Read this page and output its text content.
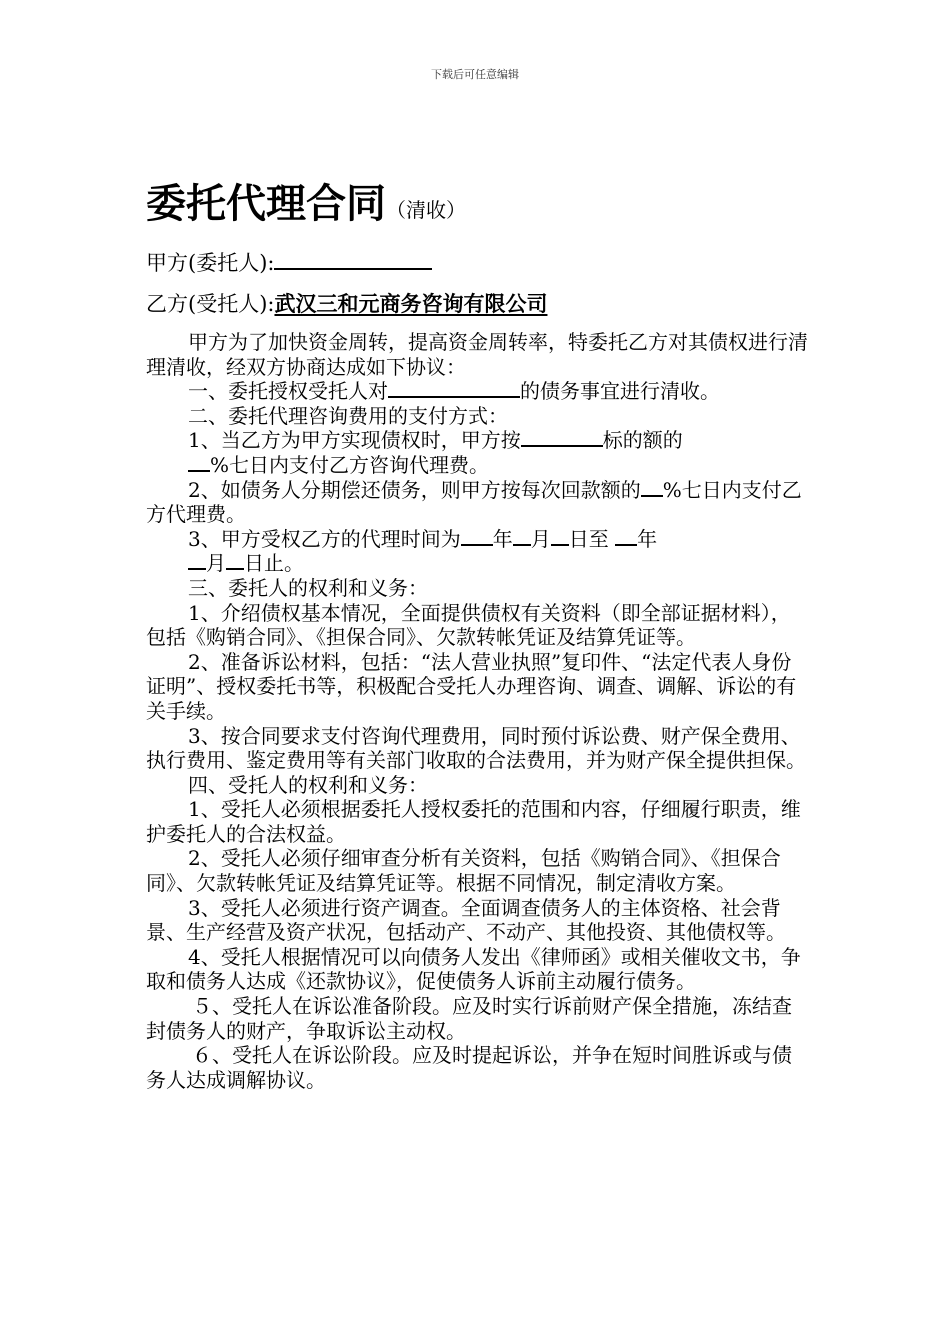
下载后可任意编辑
委托代理合同（清收）
甲方(委托人):
乙方(受托人):武汉三和元商务咨询有限公司

甲方为了加快资金周转，提高资金周转率，特委托乙方对其债权进行清理清收，经双方协商达成如下协议：

一、委托授权受托人对	的债务事宜进行清收。

二、委托代理咨询费用的支付方式：

1、当乙方为甲方实现债权时，甲方按	标的额的
%七日内支付乙方咨询代理费。

2、如债务人分期偿还债务，则甲方按每次回款额的 %七日内支付乙方代理费。

3、甲方受权乙方的代理时间为 年 月 日至 年
月 日止。

三、委托人的权利和义务：

1、介绍债权基本情况，全面提供债权有关资料（即全部证据材料），包括《购销合同》、《担保合同》、欠款转帐凭证及结算凭证等。

2、准备诉讼材料，包括：“法人营业执照”复印件、“法定代表人身份证明”、授权委托书等，积极配合受托人办理咨询、调查、调解、诉讼的有关手续。

3、按合同要求支付咨询代理费用，同时预付诉讼费、财产保全费用、执行费用、鉴定费用等有关部门收取的合法费用，并为财产保全提供担保。

四、受托人的权利和义务：

1、受托人必须根据委托人授权委托的范围和内容，仔细履行职责，维护委托人的合法权益。

2、受托人必须仔细审查分析有关资料，包括《购销合同》、《担保合同》、欠款转帐凭证及结算凭证等。根据不同情况，制定清收方案。

3、受托人必须进行资产调查。全面调查债务人的主体资格、社会背景、生产经营及资产状况，包括动产、不动产、其他投资、其他债权等。

4、受托人根据情况可以向债务人发出《律师函》或相关催收文书，争取和债务人达成《还款协议》，促使债务人诉前主动履行债务。

５、受托人在诉讼准备阶段。应及时实行诉前财产保全措施，冻结查封债务人的财产，争取诉讼主动权。

６、受托人在诉讼阶段。应及时提起诉讼，并争在短时间胜诉或与债务人达成调解协议。
